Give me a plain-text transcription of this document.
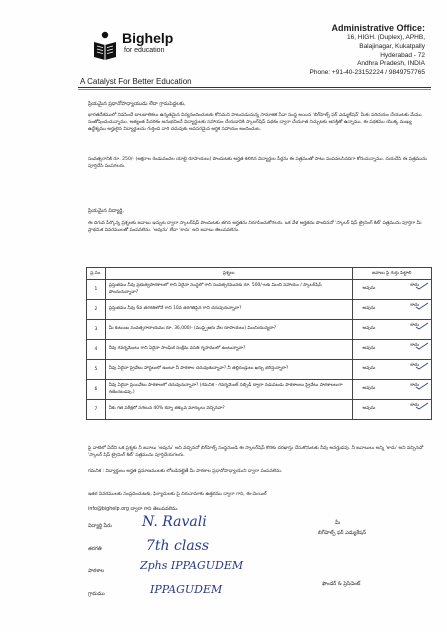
Bighelp
for education
A Catalyst For Better Education
Administrative Office:
16, HIGH. (Duplex), APHB,
Balajinagar, Kukatpally
Hyderabad - 72
Andhra Pradesh, INDIA
Phone: +91-40-23152224 / 9849757765
ప్రియమైన ప్రధానోపాధ్యాయుడు లేదా గ్రామపెద్దలకు,
భారతదేశములో నివసించే బాలబాలికలు ఉన్నతమైన విద్యనందించుటకు కోసమని పాటుపడుచున్న సామాజిక సేవా సంస్థ అయిన 'బిగ్‌హెల్ప్ ఫర్ ఎడ్యుకేషన్' మీకు పరిచయం చేయుటకు మేము సంతోషించుచున్నాము. అత్యంత పేదరికం అనుభవించే విద్యార్థులకు సహాయం చేయడానికి స్కాలర్‌షిప్ పథకం ద్వారా చేయూత నిచ్చుటకు ఆసక్తితో ఉన్నాము. ఈ పథకము యొక్క ముఖ్య ఉద్దేశ్యము అర్హులైన విద్యార్థులను గుర్తించి వారి చదువుకు అవసరమైన ఆర్థిక సహాయం అందించుట.
సంవత్సరానికి రూ. 250/- (అక్షరాల రెండువందల యాభై రూపాయలు) పొందుటకు అర్హత కలిగిన విద్యార్థుల పేర్లను ఈ పత్రముతో పాటు పంపవలసినదిగా కోరుచున్నాము. దయచేసి ఈ పత్రమును పూర్తిచేసి పంపగలరు.
ప్రియమైన విద్యార్థి,
ఈ దిగువ పేర్కొన్న ప్రశ్నలకు జవాబు ఇచ్చుట ద్వారా స్కాలర్‌షిప్ పొందుటకు తగిన అర్హతను నిరూపించుకోగలరు. ఒక వేళ అర్హతను పొందినచో 'స్కాలర్ షిప్ ట్రైనింగ్ కిట్' పత్రమును పూర్తిగా మీ ప్రాథమిక వివరములతో పంపవలెను. 'అవును' లేదా 'కాదు' అని జవాబు తెలుపవలెను.
ప్ర.సం.	ప్రశ్నలు	జవాబు పై గుర్తు పెట్టాలి
1	ప్రస్తుతము నీవు ప్రభుత్వపాఠశాలలో గాని ఏదైనా సంస్థలో గాని సంవత్సరమునకు రూ. 500/-లకు మించి సహాయం / స్కాలర్‌షిప్ పొందుచున్నావా?	అవును
కాదు

2	ప్రస్తుతము నీవు 6వ తరగతిలోనే గాని 10వ తరగతిపైన గాని చదువుచున్నావా?	అవును
కాదు

3	మీ కుటుంబ సంవత్సరాదాయము రూ. 36,000/- (ముప్పైఆరు వేల రూపాయలు) మించియున్నదా?	అవును
కాదు

4	నీవు గవర్నమెంటు గాని ఏదైనా సాంఘిక సంక్షేమ వసతి గృహములో ఉంటున్నావా?	అవును
కాదు

5	నీవు ఏదైనా ప్రైవేటు హాస్టలులో ఉంటూ నీ పాఠశాల చదువుతున్నావా? నీ తల్లిదండ్రులు ఖర్చు భరిస్తున్నారా?	అవును
కాదు

6	నీవు ఏదైనా ప్రయివేటు పాఠశాలలో చదువుచున్నావా? (గమనిక - గవర్నమెంట్ సబ్సిడీ ద్వారా నడుపబడు పాఠశాలలు ప్రైవేటు పాఠశాలలుగా గణించబడవు.)	అవును
కాదు

7	నీకు గత పరీక్షలో సగటున 40% కన్నా తక్కువ మార్కులు వచ్చినవా?	అవును
కాదు
పై వాటిలో ఏదేని ఒక ప్రశ్నకు నీ జవాబు 'అవును' అని వచ్చినచో బిగ్‌హెల్ప్ సంస్థనుండి ఈ స్కాలర్‌షిప్ కొరకు దరఖాస్తు చేసుకొనుటకు నీవు అనర్హుడవు. నీ జవాబులు అన్ని 'కాదు' అని వచ్చినచో 'స్కాలర్ షిప్ ట్రైనింగ్ కిట్' పత్రమును పూర్తిచేయగలరు.
గమనిక : విద్యార్థులు అర్హత ప్రమాణములకు లోబడినట్లైతే మీ పాఠశాల ప్రధానోపాధ్యాయుని ద్వారా పంపవలెను.
ఇతర వివరములకు సంప్రదించుటకు, ఫిర్యాదులకు పై చిరునామాకు ఉత్తరము ద్వారా గాని, ఈ-మెయిల్
info@bighelp.org ద్వారా గాని తెలుపవలెను.
విద్యార్థి పేరు N. Ravali
తరగతి	7th class
పాఠశాల	Zphs IPPAGUDEM
గ్రామము	IPPAGUDEM
మీ
బిగ్‌హెల్ప్ ఫర్ ఎడ్యుకేషన్
ఫౌండర్ & ప్రెసిడెంట్
